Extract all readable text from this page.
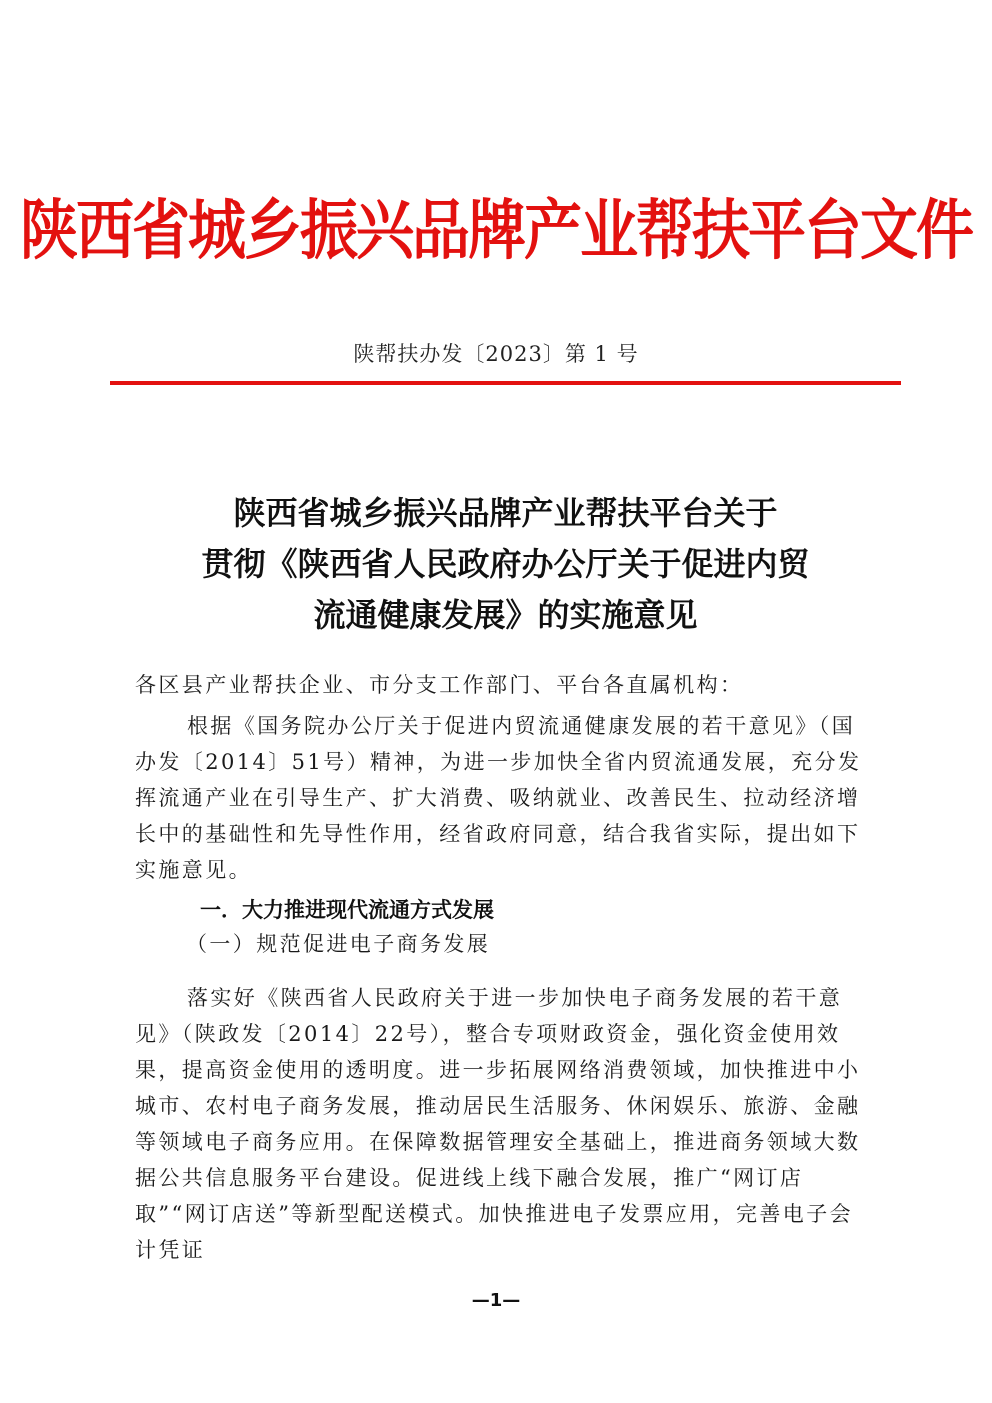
陕西省城乡振兴品牌产业帮扶平台文件
陕帮扶办发〔2023〕第 1 号
陕西省城乡振兴品牌产业帮扶平台关于
贯彻《陕西省人民政府办公厅关于促进内贸
流通健康发展》的实施意见
各区县产业帮扶企业、市分支工作部门、平台各直属机构：
根据《国务院办公厅关于促进内贸流通健康发展的若干意见》（国办发〔2014〕51号）精神，为进一步加快全省内贸流通发展，充分发挥流通产业在引导生产、扩大消费、吸纳就业、改善民生、拉动经济增长中的基础性和先导性作用，经省政府同意，结合我省实际，提出如下实施意见。
一．大力推进现代流通方式发展
（一）规范促进电子商务发展
落实好《陕西省人民政府关于进一步加快电子商务发展的若干意见》（陕政发〔2014〕22号），整合专项财政资金，强化资金使用效果，提高资金使用的透明度。进一步拓展网络消费领域，加快推进中小城市、农村电子商务发展，推动居民生活服务、休闲娱乐、旅游、金融等领域电子商务应用。在保障数据管理安全基础上，推进商务领域大数据公共信息服务平台建设。促进线上线下融合发展，推广“网订店取”“网订店送”等新型配送模式。加快推进电子发票应用，完善电子会计凭证
—1—
